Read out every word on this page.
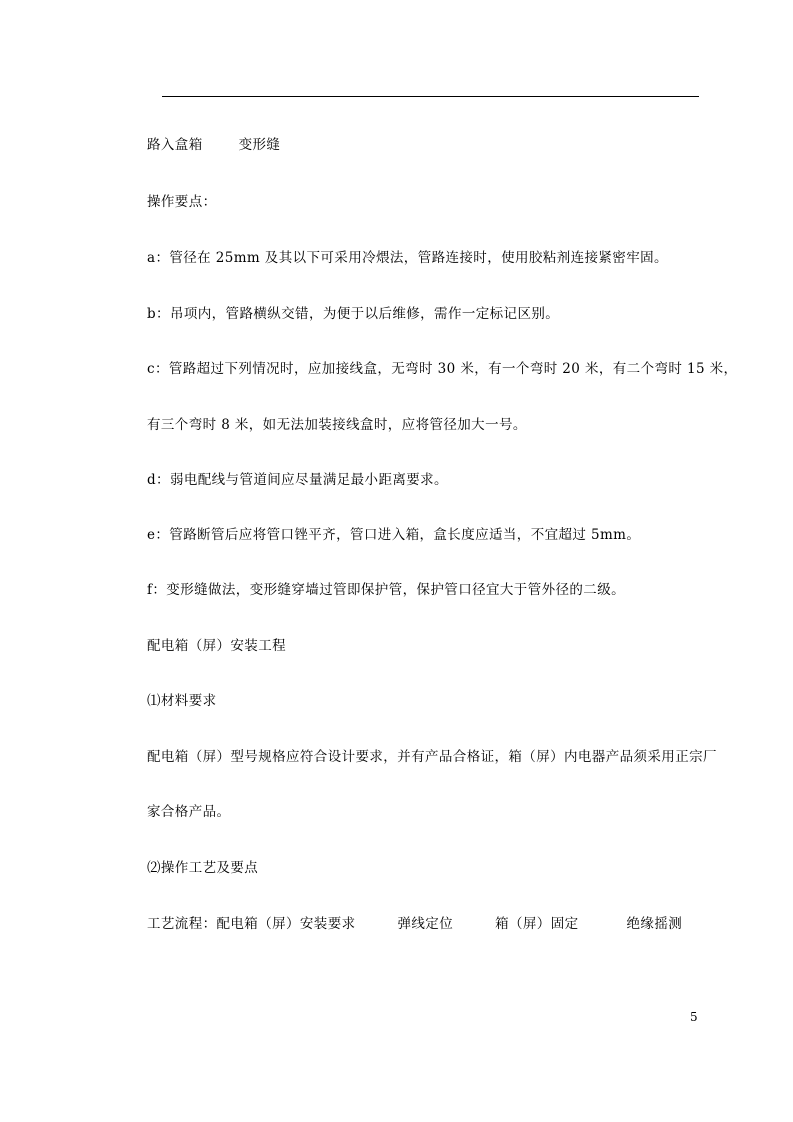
路入盒箱	变形缝
操作要点：
a：管径在 25mm 及其以下可采用冷煨法，管路连接时，使用胶粘剂连接紧密牢固。
b：吊项内，管路横纵交错，为便于以后维修，需作一定标记区别。
c：管路超过下列情况时，应加接线盒，无弯时 30 米，有一个弯时 20 米，有二个弯时 15 米，
有三个弯时 8 米，如无法加装接线盒时，应将管径加大一号。
d：弱电配线与管道间应尽量满足最小距离要求。
e：管路断管后应将管口锉平齐，管口进入箱，盒长度应适当，不宜超过 5mm。
f：变形缝做法，变形缝穿墙过管即保护管，保护管口径宜大于管外径的二级。
配电箱（屏）安装工程
⑴材料要求
配电箱（屏）型号规格应符合设计要求，并有产品合格证，箱（屏）内电器产品须采用正宗厂
家合格产品。
⑵操作工艺及要点
工艺流程：配电箱（屏）安装要求	弹线定位	箱（屏）固定	绝缘摇测
5
